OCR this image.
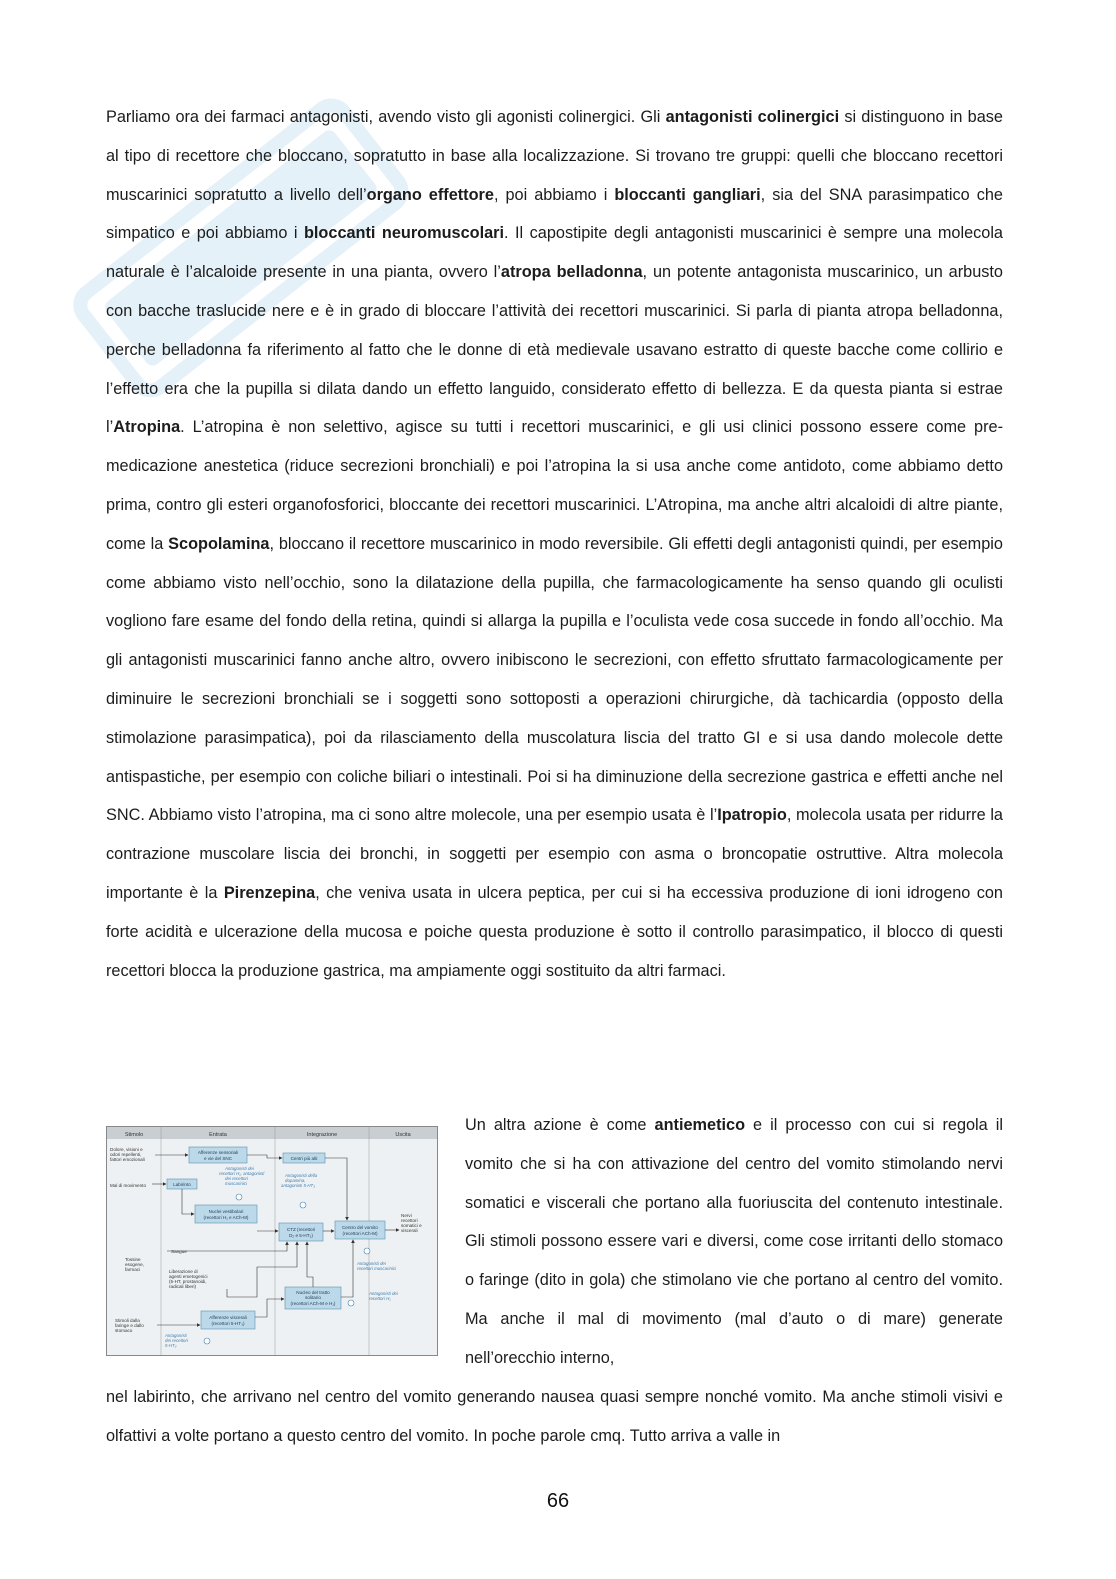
Parliamo ora dei farmaci antagonisti, avendo visto gli agonisti colinergici. Gli antagonisti colinergici si distinguono in base al tipo di recettore che bloccano, sopratutto in base alla localizzazione. Si trovano tre gruppi: quelli che bloccano recettori muscarinici sopratutto a livello dell’organo effettore, poi abbiamo i bloccanti gangliari, sia del SNA parasimpatico che simpatico e poi abbiamo i bloccanti neuromuscolari. Il capostipite degli antagonisti muscarinici è sempre una molecola naturale è l’alcaloide presente in una pianta, ovvero l’atropa belladonna, un potente antagonista muscarinico, un arbusto con bacche traslucide nere e è in grado di bloccare l’attività dei recettori muscarinici. Si parla di pianta atropa belladonna, perche belladonna fa riferimento al fatto che le donne di età medievale usavano estratto di queste bacche come collirio e l’effetto era che la pupilla si dilata dando un effetto languido, considerato effetto di bellezza. E da questa pianta si estrae l’Atropina. L’atropina è non selettivo, agisce su tutti i recettori muscarinici, e gli usi clinici possono essere come pre-medicazione anestetica (riduce secrezioni bronchiali) e poi l’atropina la si usa anche come antidoto, come abbiamo detto prima, contro gli esteri organofosforici, bloccante dei recettori muscarinici. L’Atropina, ma anche altri alcaloidi di altre piante, come la Scopolamina, bloccano il recettore muscarinico in modo reversibile. Gli effetti degli antagonisti quindi, per esempio come abbiamo visto nell’occhio, sono la dilatazione della pupilla, che farmacologicamente ha senso quando gli oculisti vogliono fare esame del fondo della retina, quindi si allarga la pupilla e l’oculista vede cosa succede in fondo all’occhio. Ma gli antagonisti muscarinici fanno anche altro, ovvero inibiscono le secrezioni, con effetto sfruttato farmacologicamente per diminuire le secrezioni bronchiali se i soggetti sono sottoposti a operazioni chirurgiche, dà tachicardia (opposto della stimolazione parasimpatica), poi da rilasciamento della muscolatura liscia del tratto GI e si usa dando molecole dette antispastiche, per esempio con coliche biliari o intestinali. Poi si ha diminuzione della secrezione gastrica e effetti anche nel SNC. Abbiamo visto l’atropina, ma ci sono altre molecole, una per esempio usata è l’Ipatropio, molecola usata per ridurre la contrazione muscolare liscia dei bronchi, in soggetti per esempio con asma o broncopatie ostruttive. Altra molecola importante è la Pirenzepina, che veniva usata in ulcera peptica, per cui si ha eccessiva produzione di ioni idrogeno con forte acidità e ulcerazione della mucosa e poiche questa produzione è sotto il controllo parasimpatico, il blocco di questi recettori blocca la produzione gastrica, ma ampiamente oggi sostituito da altri farmaci.
Stimolo	Entrata	Integrazione	Uscita
Dolore, visioni e
odori repellenti,
fattori emozionali
Mal di movimento
Tossine
esogene,
farmaci
Stimoli dalla
faringe e dallo
stomaco
Afferenze sensoriali
e vie del SNC
Labirinto
Centri più alti
Nuclei vestibolari
(recettori H₁ e ACh-M)
CTZ (recettori
D₂ e 5-HT₃)
Centro del vomito
(recettori ACh-M)
Nucleo del tratto
solitario
(recettori ACh-M e H₁)
Afferenze viscerali
(recettori 5-HT₃)
Sangue
Liberazione di
agenti emetogenici
(5-HT, prostanoidi,
radicali liberi)
Nervi
recettori
somatici e
viscerali
Antagonisti dei
recettori H₁, antagonisti
dei recettori
muscarinici
Antagonisti della
dopamina,
antagonisti 5-HT₃
Antagonisti dei
recettori muscarinici
Antagonisti dei
recettori H₁
Antagonisti
dei recettori
5-HT₃
Un altra azione è come antiemetico e il processo con cui si regola il vomito che si ha con attivazione del centro del vomito stimolando nervi somatici e viscerali che portano alla fuoriuscita del contenuto intestinale. Gli stimoli possono essere vari e diversi, come cose irritanti dello stomaco o faringe (dito in gola) che stimolano vie che portano al centro del vomito. Ma anche il mal di movimento (mal d’auto o di mare) generate nell’orecchio interno,
nel labirinto, che arrivano nel centro del vomito generando nausea quasi sempre nonché vomito. Ma anche stimoli visivi e olfattivi a volte portano a questo centro del vomito. In poche parole cmq. Tutto arriva a valle in
66
